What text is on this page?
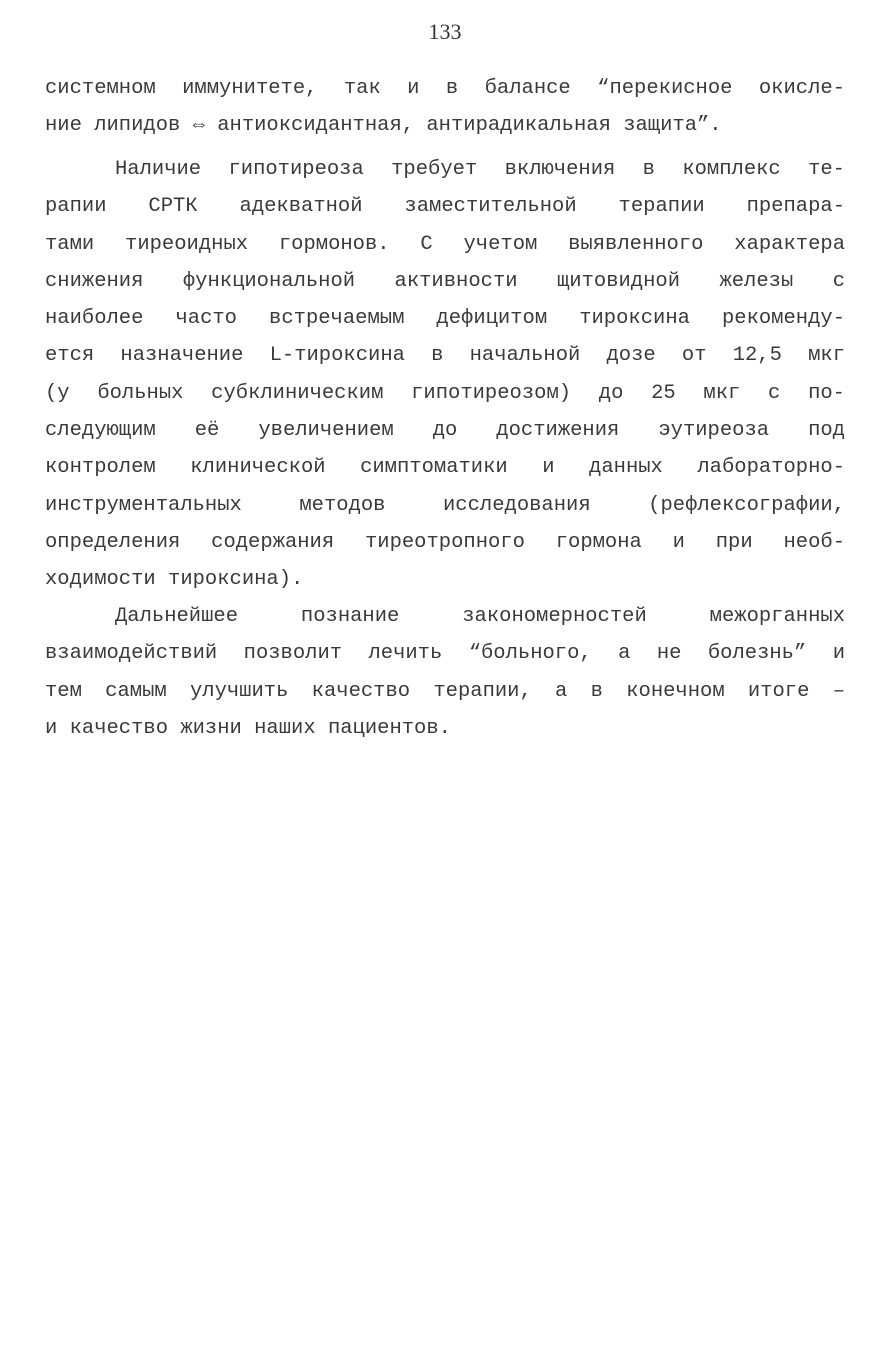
133
системном иммунитете, так и в балансе “перекисное окисле-
ние липидов ⇔ антиоксидантная, антирадикальная защита”.
Наличие гипотиреоза требует включения в комплекс те-
рапии СРТК адекватной заместительной терапии препара-
тами тиреоидных гормонов. С учетом выявленного характера
снижения функциональной активности щитовидной железы с
наиболее часто встречаемым дефицитом тироксина рекоменду-
ется назначение L-тироксина в начальной дозе от 12,5 мкг
(у больных субклиническим гипотиреозом) до 25 мкг с по-
следующим её увеличением до достижения эутиреоза под
контролем клинической симптоматики и данных лабораторно-
инструментальных методов исследования (рефлексографии,
определения содержания тиреотропного гормона и при необ-
ходимости тироксина).
Дальнейшее познание закономерностей межорганных
взаимодействий позволит лечить “больного, а не болезнь” и
тем самым улучшить качество терапии, а в конечном итоге –
и качество жизни наших пациентов.
